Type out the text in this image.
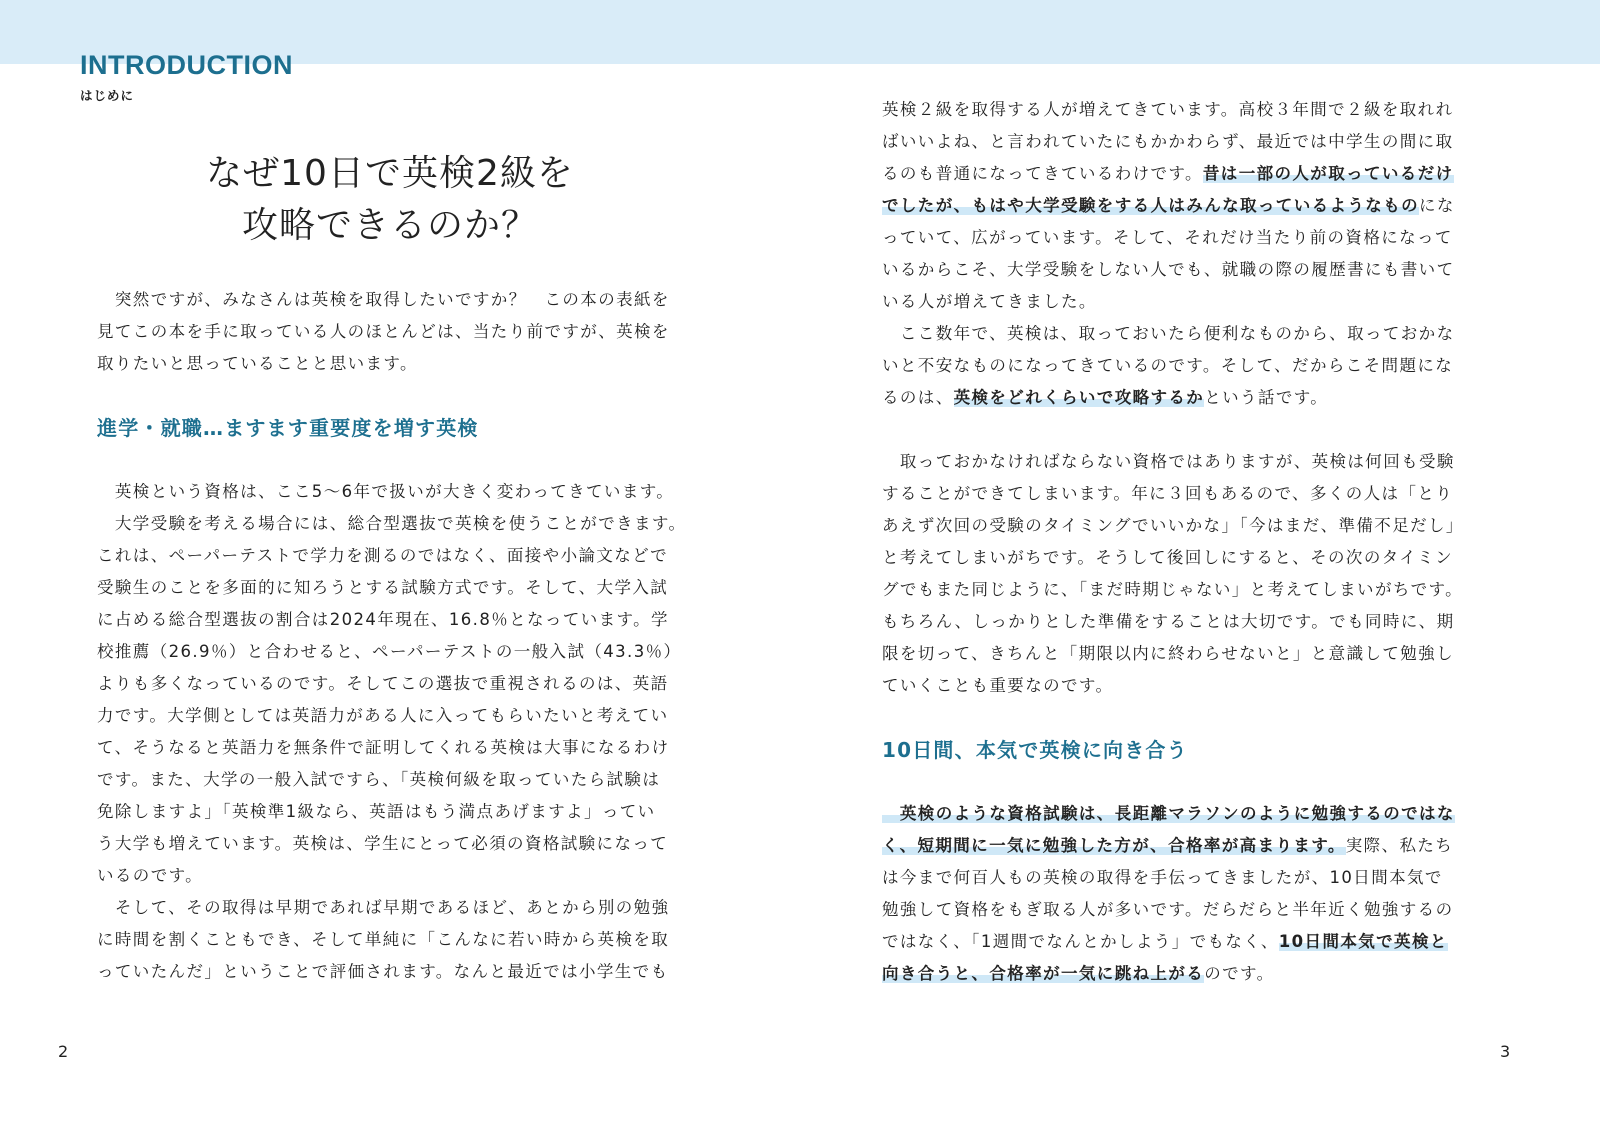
INTRODUCTION
はじめに
なぜ10日で英検2級を
攻略できるのか？
　突然ですが、みなさんは英検を取得したいですか？　この本の表紙を
見てこの本を手に取っている人のほとんどは、当たり前ですが、英検を
取りたいと思っていることと思います。
進学・就職…ますます重要度を増す英検
　英検という資格は、ここ5〜6年で扱いが大きく変わってきています。
　大学受験を考える場合には、総合型選抜で英検を使うことができます。
これは、ペーパーテストで学力を測るのではなく、面接や小論文などで
受験生のことを多面的に知ろうとする試験方式です。そして、大学入試
に占める総合型選抜の割合は2024年現在、16.8％となっています。学
校推薦（26.9％）と合わせると、ペーパーテストの一般入試（43.3％）
よりも多くなっているのです。そしてこの選抜で重視されるのは、英語
力です。大学側としては英語力がある人に入ってもらいたいと考えてい
て、そうなると英語力を無条件で証明してくれる英検は大事になるわけ
です。また、大学の一般入試ですら、「英検何級を取っていたら試験は
免除しますよ」「英検準1級なら、英語はもう満点あげますよ」ってい
う大学も増えています。英検は、学生にとって必須の資格試験になって
いるのです。
　そして、その取得は早期であれば早期であるほど、あとから別の勉強
に時間を割くこともでき、そして単純に「こんなに若い時から英検を取
っていたんだ」ということで評価されます。なんと最近では小学生でも
英検２級を取得する人が増えてきています。高校３年間で２級を取れれ
ばいいよね、と言われていたにもかかわらず、最近では中学生の間に取
るのも普通になってきているわけです。昔は一部の人が取っているだけ
でしたが、もはや大学受験をする人はみんな取っているようなものにな
っていて、広がっています。そして、それだけ当たり前の資格になって
いるからこそ、大学受験をしない人でも、就職の際の履歴書にも書いて
いる人が増えてきました。
　ここ数年で、英検は、取っておいたら便利なものから、取っておかな
いと不安なものになってきているのです。そして、だからこそ問題にな
るのは、英検をどれくらいで攻略するかという話です。
　取っておかなければならない資格ではありますが、英検は何回も受験
することができてしまいます。年に３回もあるので、多くの人は「とり
あえず次回の受験のタイミングでいいかな」「今はまだ、準備不足だし」
と考えてしまいがちです。そうして後回しにすると、その次のタイミン
グでもまた同じように、「まだ時期じゃない」と考えてしまいがちです。
もちろん、しっかりとした準備をすることは大切です。でも同時に、期
限を切って、きちんと「期限以内に終わらせないと」と意識して勉強し
ていくことも重要なのです。
10日間、本気で英検に向き合う
　英検のような資格試験は、長距離マラソンのように勉強するのではな
く、短期間に一気に勉強した方が、合格率が高まります。実際、私たち
は今まで何百人もの英検の取得を手伝ってきましたが、10日間本気で
勉強して資格をもぎ取る人が多いです。だらだらと半年近く勉強するの
ではなく、「1週間でなんとかしよう」でもなく、10日間本気で英検と
向き合うと、合格率が一気に跳ね上がるのです。
2	3
